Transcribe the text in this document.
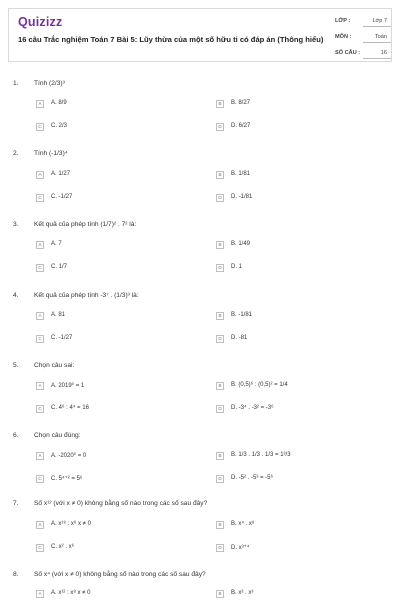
Quizizz
16 câu Trắc nghiệm Toán 7 Bài 5: Lũy thừa của một số hữu tỉ có đáp án (Thông hiểu)
LỚP :	Lớp 7
MÔN :	Toán
SỐ CÂU :	16
1. Tính (2/3)³
A	A. 8/9	B	B. 8/27
C	C. 2/3	D	D. 6/27
2. Tính (-1/3)⁴
A	A. 1/27	B	B. 1/81
C	C. -1/27	D	D. -1/81
3. Kết quả của phép tính (1/7)² . 7² là:
A	A. 7	B	B. 1/49
C	C. 1/7	D	D. 1
4. Kết quả của phép tính -3⁷ . (1/3)³ là:
A	A. 81	B	B. -1/81
C	C. -1/27	D	D. -81
5. Chọn câu sai:
A	A. 2019⁰ = 1	B	B. (0,5)⁶ : (0,5)² = 1/4
C	C. 4⁶ : 4⁴ = 16	D	D. -3⁴ . -3² = -3⁶
6. Chọn câu đúng:
A	A. -2020⁰ = 0	B	B. 1/3 . 1/3 . 1/3 = 1³/3
C	C. 5⁴⁺² = 5⁶	D	D. -5² . -5³ = -5⁶
7. Số x¹² (với x ≠ 0) không bằng số nào trong các số sau đây?
A	A. x¹⁸ : x⁶ x ≠ 0	B	B. x⁴ . x⁸
C	C. x² . x⁶	D	D. x³⁺⁴
8. Số x⁴ (với x ≠ 0) không bằng số nào trong các số sau đây?
A	A. x¹² : x⁸ x ≠ 0	B	B. x³ . x³
